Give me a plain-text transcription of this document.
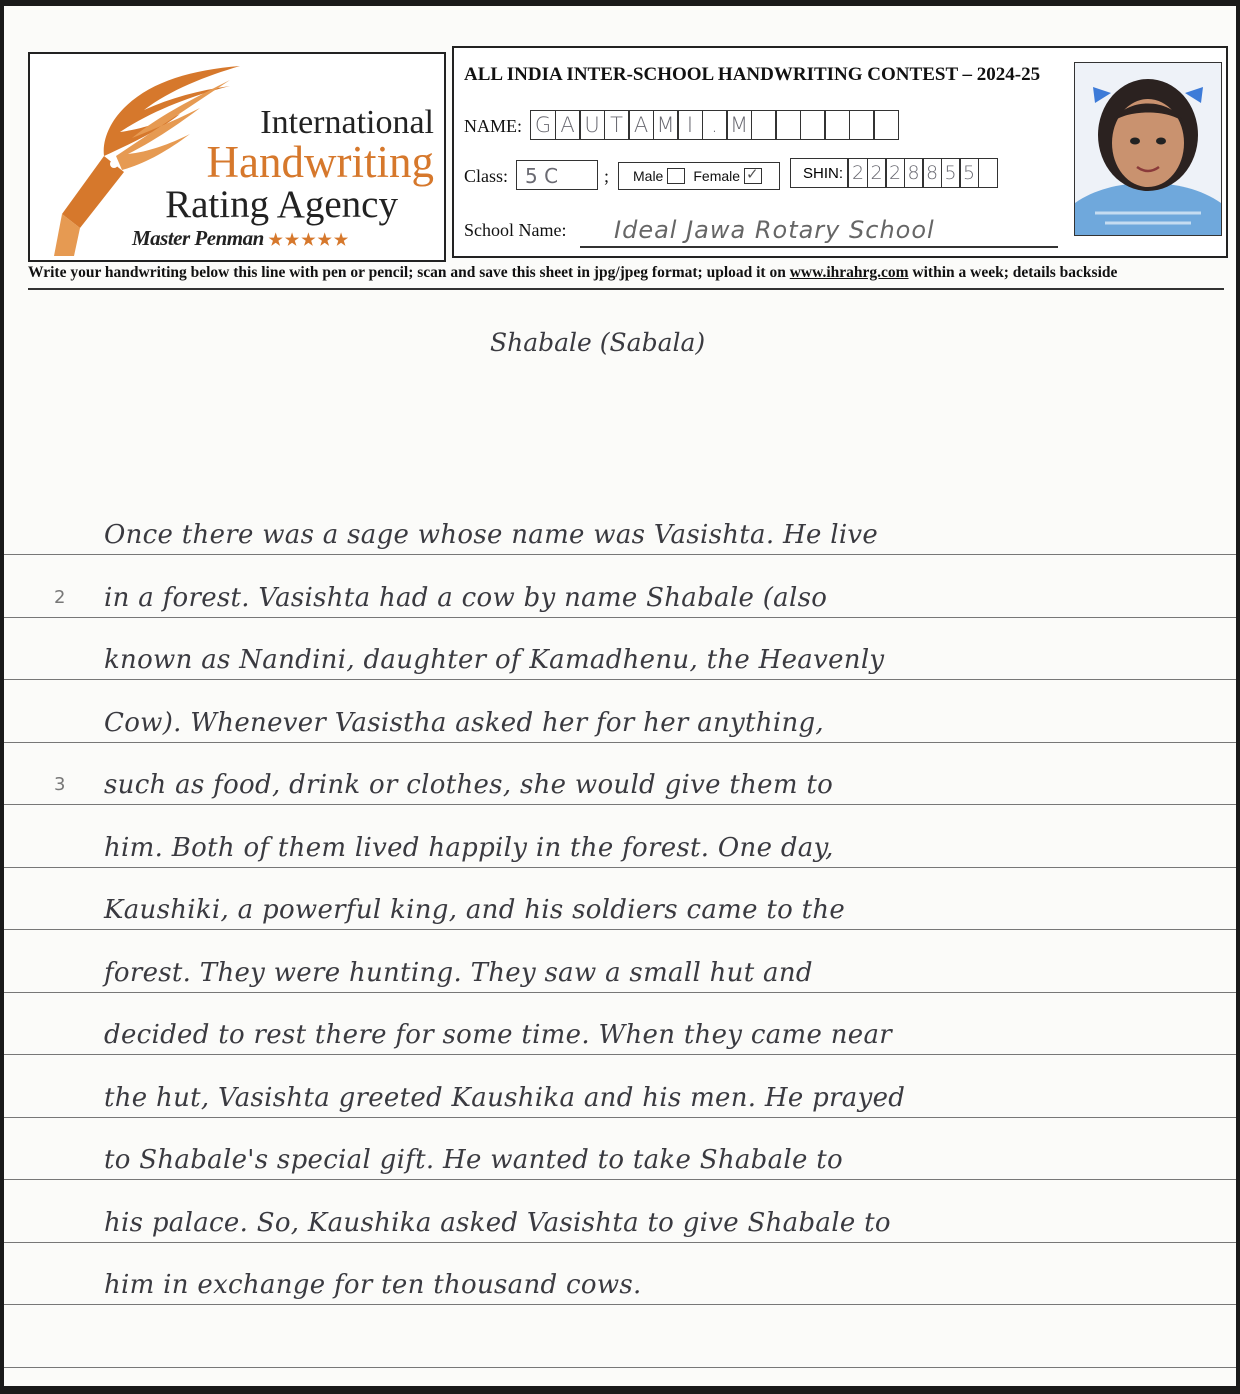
International
Handwriting
Rating Agency
Master Penman ★★★★★
ALL INDIA INTER-SCHOOL HANDWRITING CONTEST – 2024-25
NAME: G A U T A M I . M
Class: 5 C	; Male Female
✓	SHIN: 2 2 2 8 8 5 5
School Name: Ideal Jawa Rotary School
Write your handwriting below this line with pen or pencil; scan and save this sheet in jpg/jpeg format; upload it on www.ihrahrg.com within a week; details backside
Shabale (Sabala)
Once there was a sage whose name was Vasishta. He live
in a forest. Vasishta had a cow by name Shabale (also
known as Nandini, daughter of Kamadhenu, the Heavenly
Cow). Whenever Vasistha asked her for her anything,
such as food, drink or clothes, she would give them to
him. Both of them lived happily in the forest. One day,
Kaushiki, a powerful king, and his soldiers came to the
forest. They were hunting. They saw a small hut and
decided to rest there for some time. When they came near
the hut, Vasishta greeted Kaushika and his men. He prayed
to Shabale's special gift. He wanted to take Shabale to
his palace. So, Kaushika asked Vasishta to give Shabale to
him in exchange for ten thousand cows.
2
3
